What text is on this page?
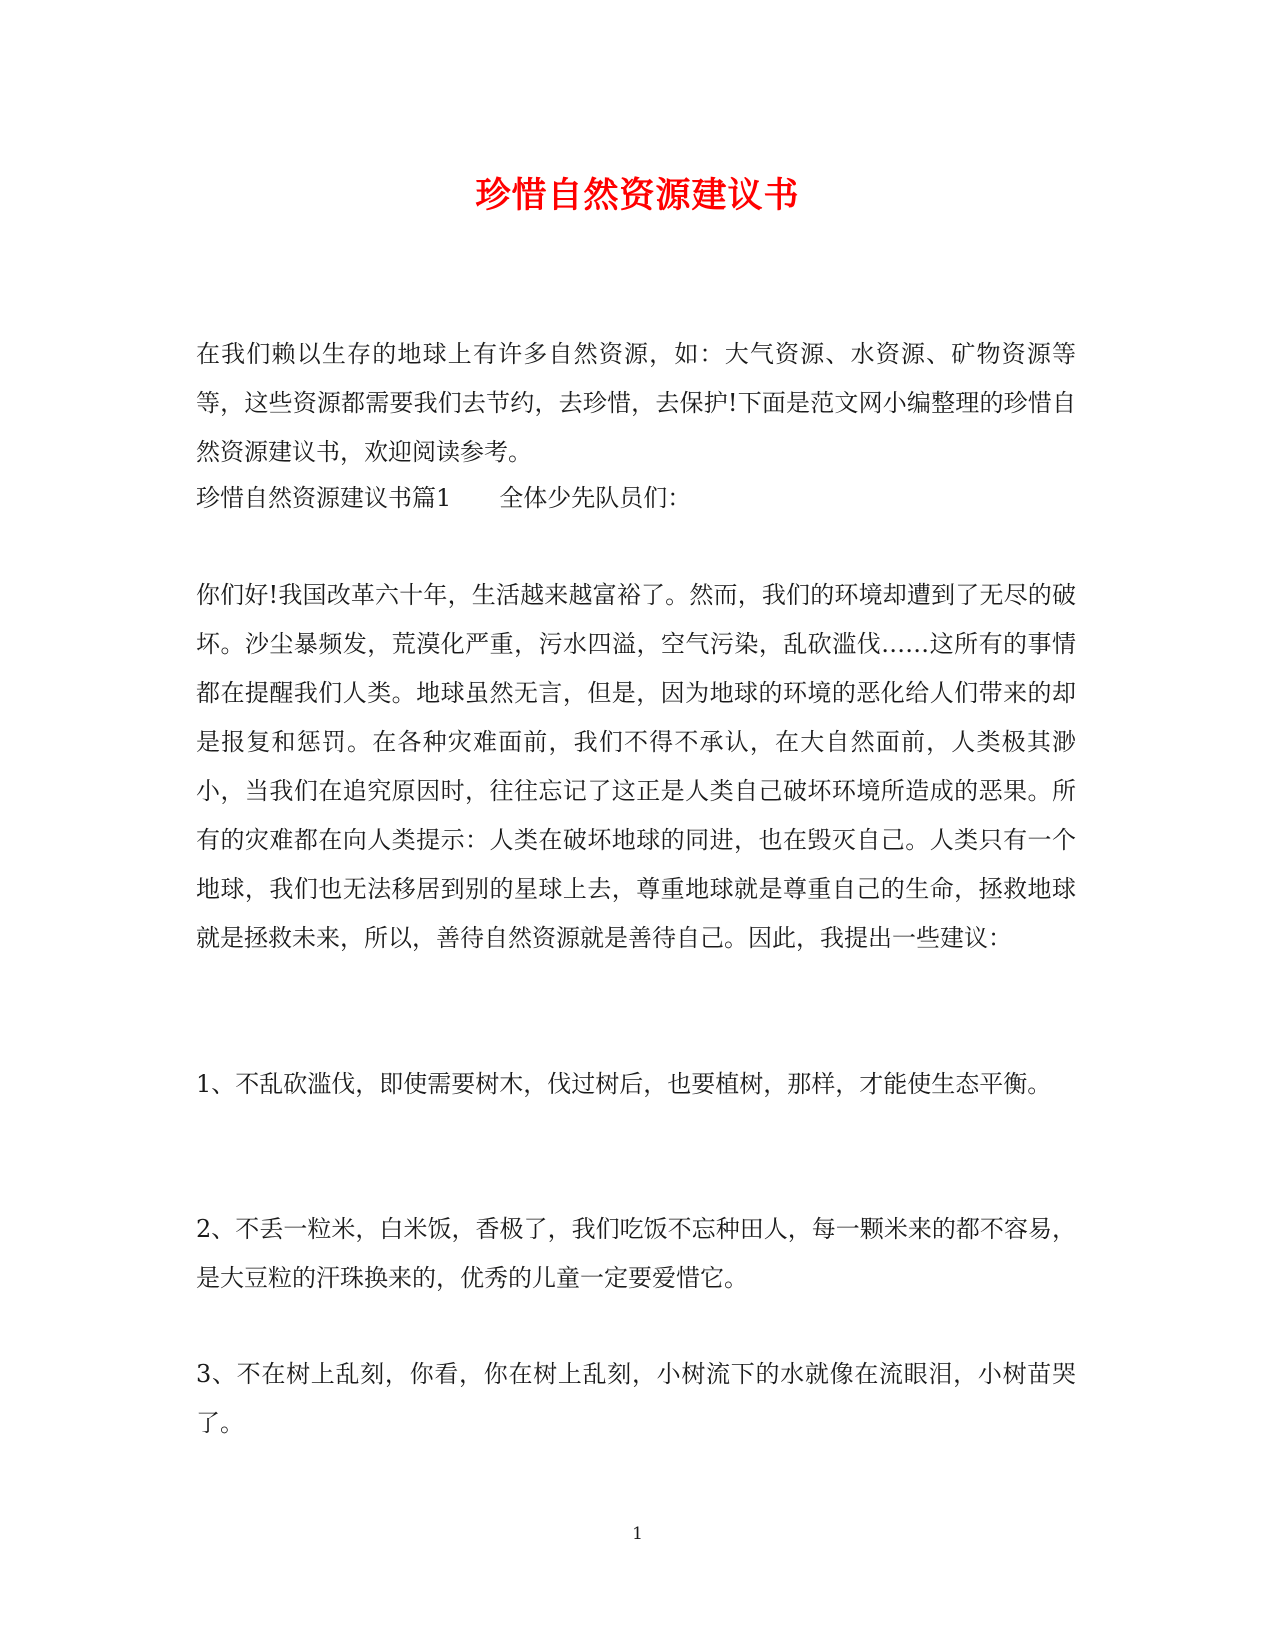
珍惜自然资源建议书

在我们赖以生存的地球上有许多自然资源，如：大气资源、水资源、矿物资源等等，这些资源都需要我们去节约，去珍惜，去保护!下面是范文网小编整理的珍惜自然资源建议书，欢迎阅读参考。

珍惜自然资源建议书篇1 全体少先队员们：

你们好!我国改革六十年，生活越来越富裕了。然而，我们的环境却遭到了无尽的破坏。沙尘暴频发，荒漠化严重，污水四溢，空气污染，乱砍滥伐……这所有的事情都在提醒我们人类。地球虽然无言，但是，因为地球的环境的恶化给人们带来的却是报复和惩罚。在各种灾难面前，我们不得不承认，在大自然面前，人类极其渺小，当我们在追究原因时，往往忘记了这正是人类自己破坏环境所造成的恶果。所有的灾难都在向人类提示：人类在破坏地球的同进，也在毁灭自己。人类只有一个地球，我们也无法移居到别的星球上去，尊重地球就是尊重自己的生命，拯救地球就是拯救未来，所以，善待自然资源就是善待自己。因此，我提出一些建议：

1、不乱砍滥伐，即使需要树木，伐过树后，也要植树，那样，才能使生态平衡。

2、不丢一粒米，白米饭，香极了，我们吃饭不忘种田人，每一颗米来的都不容易，是大豆粒的汗珠换来的，优秀的儿童一定要爱惜它。

3、不在树上乱刻，你看，你在树上乱刻，小树流下的水就像在流眼泪，小树苗哭了。

1
